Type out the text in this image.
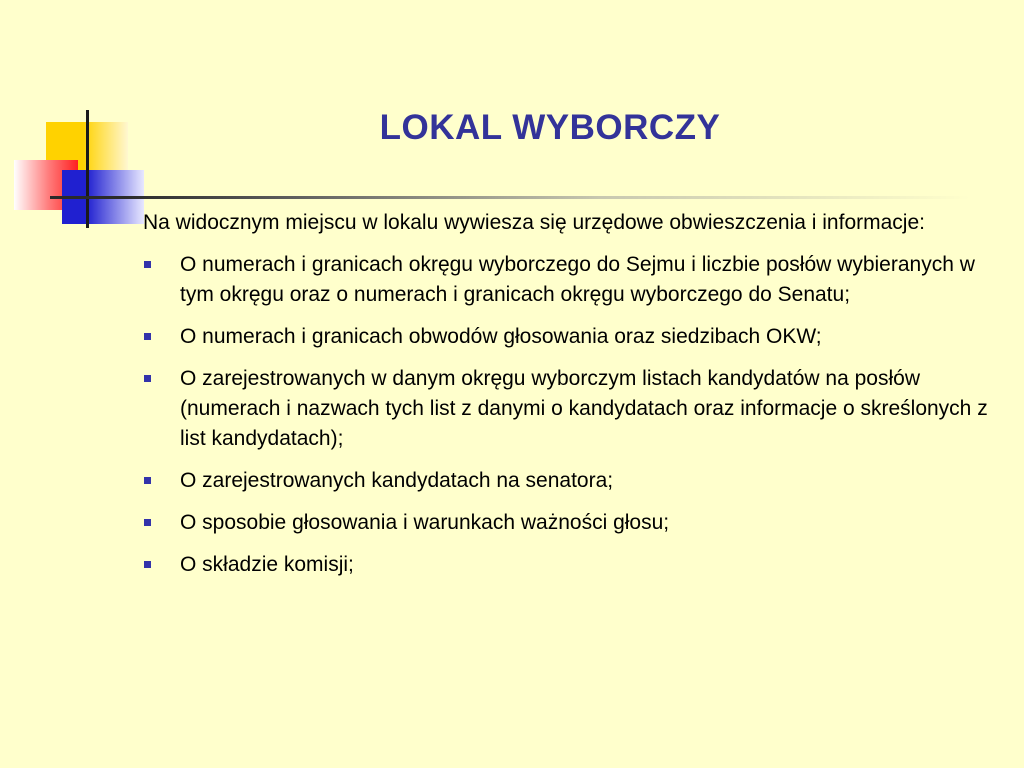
LOKAL WYBORCZY

Na widocznym miejscu w lokalu wywiesza się urzędowe obwieszczenia i informacje:

O numerach i granicach okręgu wyborczego do Sejmu i liczbie posłów wybieranych w tym okręgu oraz o numerach i granicach okręgu wyborczego do Senatu;
O numerach i granicach obwodów głosowania oraz siedzibach OKW;
O zarejestrowanych w danym okręgu wyborczym listach kandydatów na posłów (numerach i nazwach tych list z danymi o kandydatach oraz informacje o skreślonych z list kandydatach);
O zarejestrowanych kandydatach na senatora;
O sposobie głosowania i warunkach ważności głosu;
O składzie komisji;
